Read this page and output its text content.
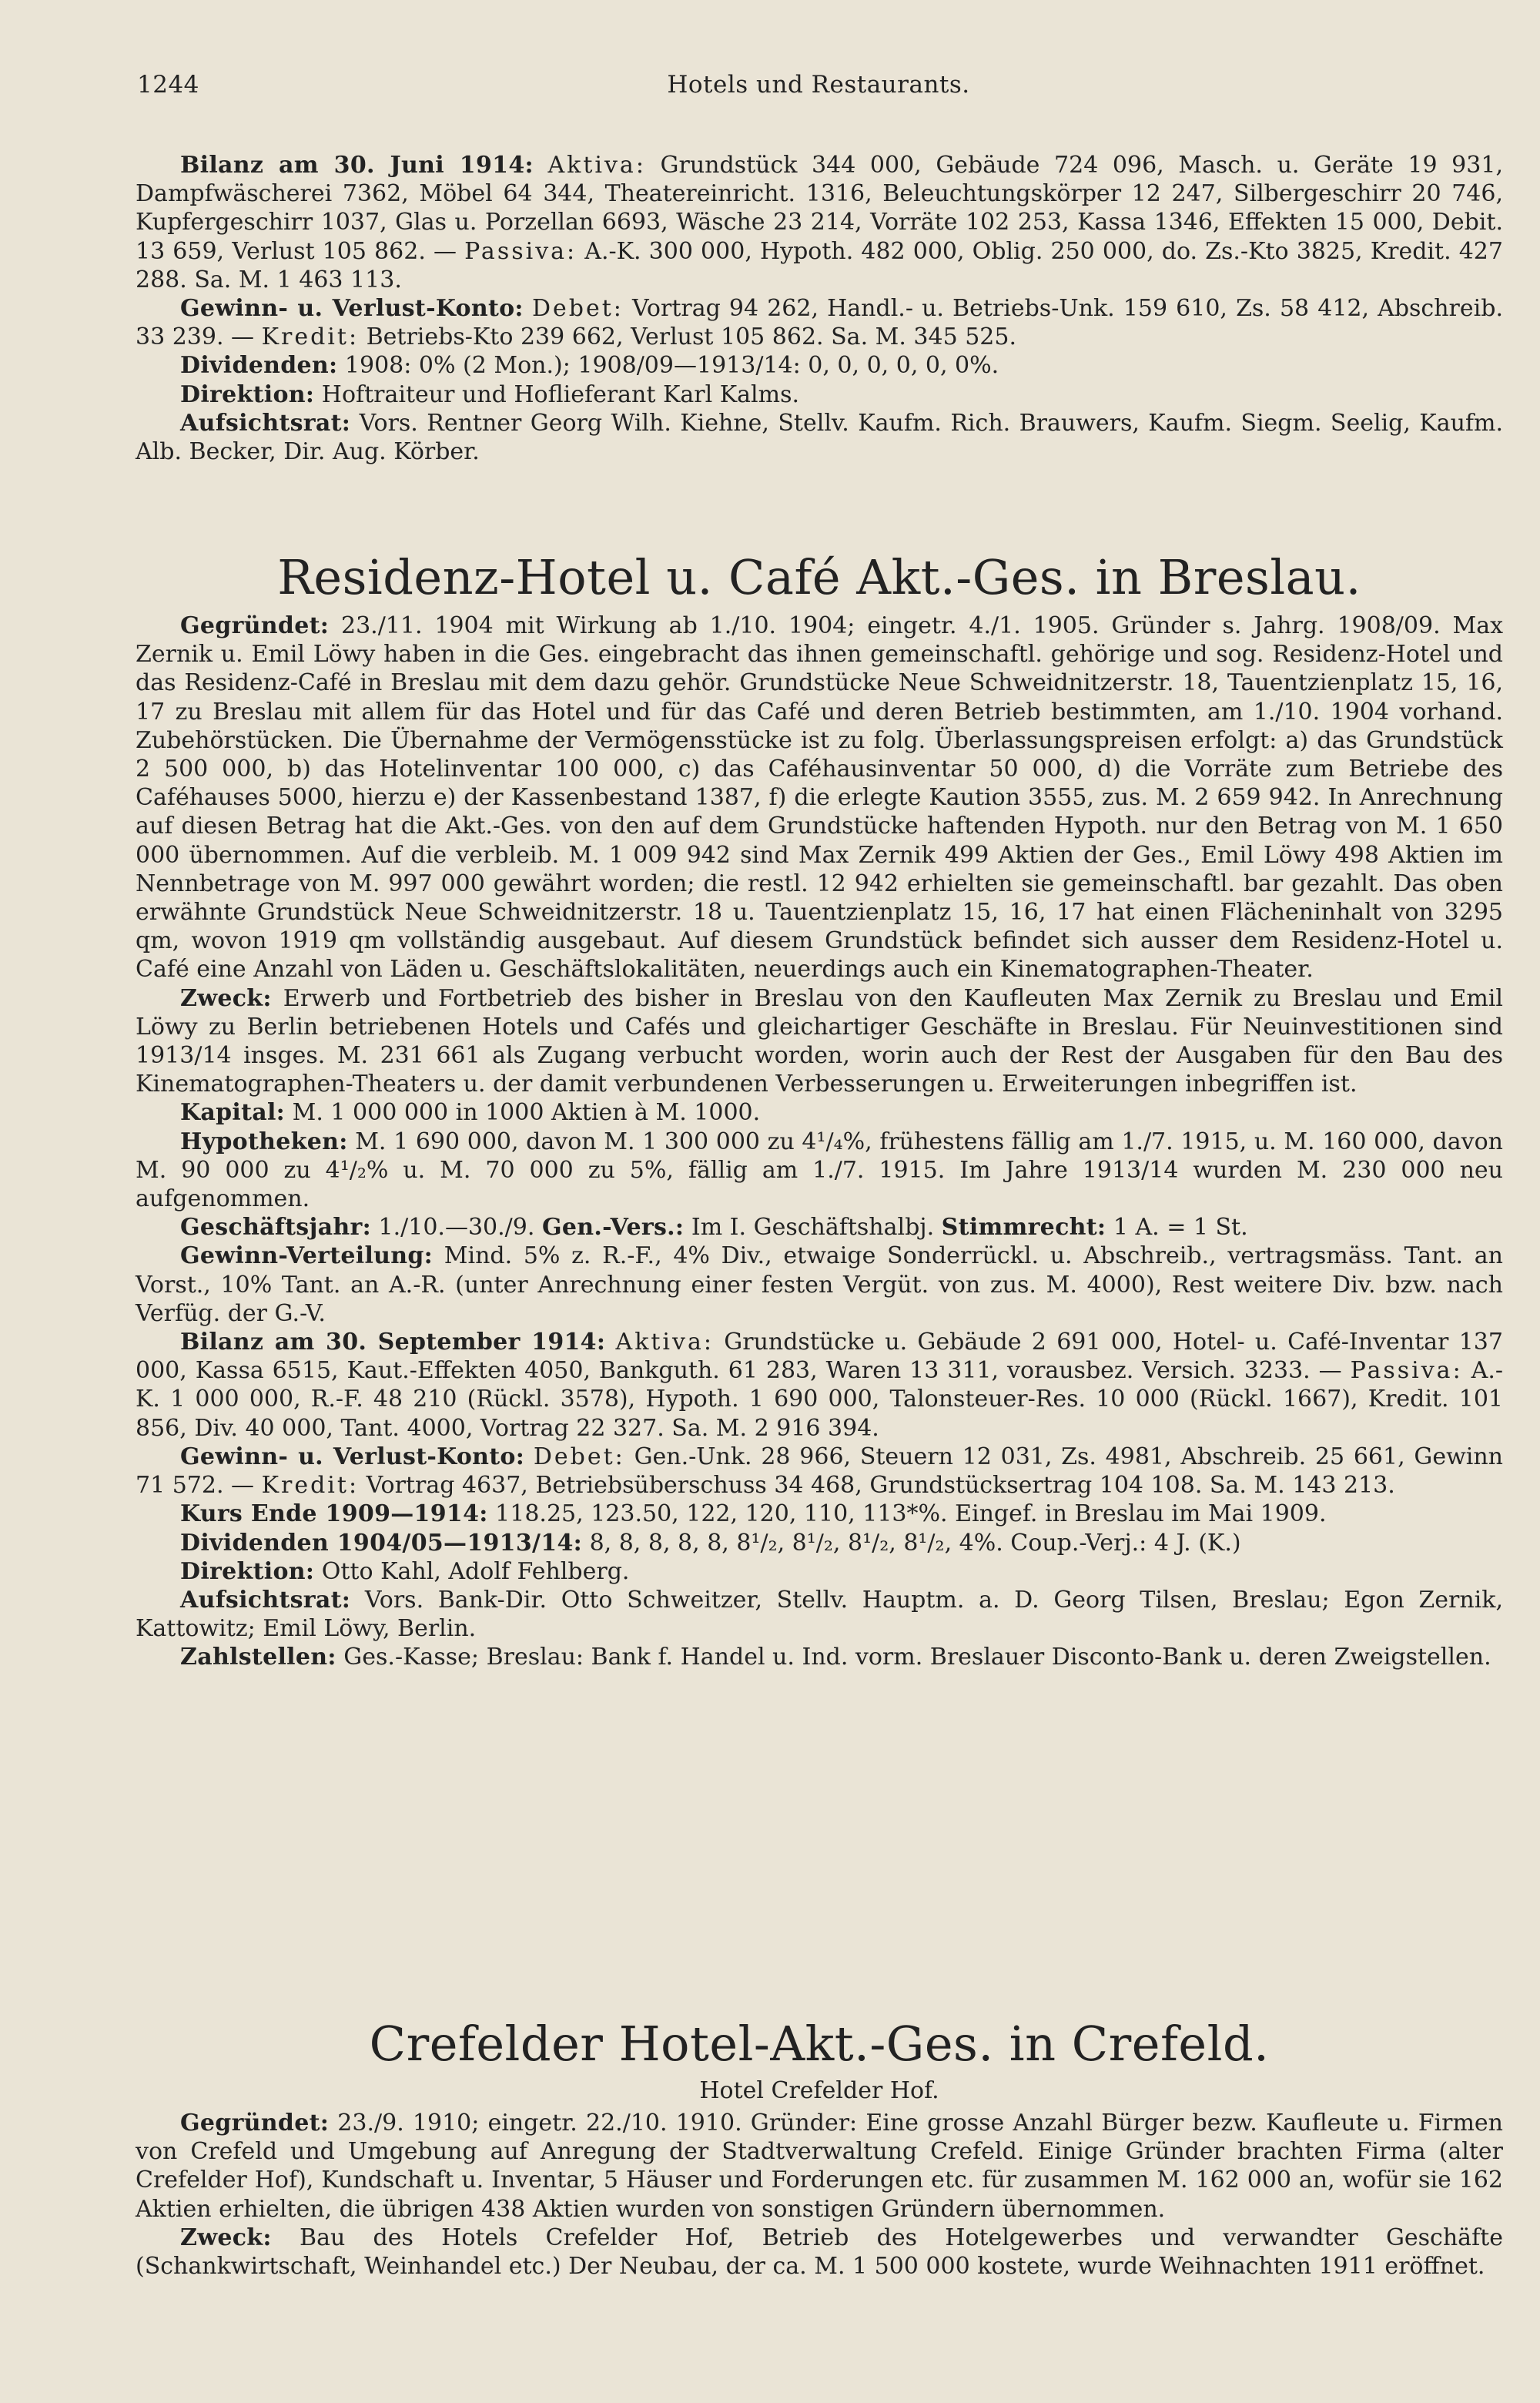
1244	Hotels und Restaurants.

Bilanz am 30. Juni 1914: Aktiva: Grundstück 344 000, Gebäude 724 096, Masch. u. Geräte 19 931, Dampfwäscherei 7362, Möbel 64 344, Theatereinricht. 1316, Beleuchtungskörper 12 247, Silbergeschirr 20 746, Kupfergeschirr 1037, Glas u. Porzellan 6693, Wäsche 23 214, Vorräte 102 253, Kassa 1346, Effekten 15 000, Debit. 13 659, Verlust 105 862. — Passiva: A.-K. 300 000, Hypoth. 482 000, Oblig. 250 000, do. Zs.-Kto 3825, Kredit. 427 288. Sa. M. 1 463 113.

Gewinn- u. Verlust-Konto: Debet: Vortrag 94 262, Handl.- u. Betriebs-Unk. 159 610, Zs. 58 412, Abschreib. 33 239. — Kredit: Betriebs-Kto 239 662, Verlust 105 862. Sa. M. 345 525.

Dividenden: 1908: 0% (2 Mon.); 1908/09—1913/14: 0, 0, 0, 0, 0, 0%.

Direktion: Hoftraiteur und Hoflieferant Karl Kalms.

Aufsichtsrat: Vors. Rentner Georg Wilh. Kiehne, Stellv. Kaufm. Rich. Brauwers, Kaufm. Siegm. Seelig, Kaufm. Alb. Becker, Dir. Aug. Körber.

Residenz-Hotel u. Café Akt.-Ges. in Breslau.

Gegründet: 23./11. 1904 mit Wirkung ab 1./10. 1904; eingetr. 4./1. 1905. Gründer s. Jahrg. 1908/09. Max Zernik u. Emil Löwy haben in die Ges. eingebracht das ihnen gemeinschaftl. gehörige und sog. Residenz-Hotel und das Residenz-Café in Breslau mit dem dazu gehör. Grundstücke Neue Schweidnitzerstr. 18, Tauentzienplatz 15, 16, 17 zu Breslau mit allem für das Hotel und für das Café und deren Betrieb bestimmten, am 1./10. 1904 vorhand. Zubehörstücken. Die Übernahme der Vermögensstücke ist zu folg. Überlassungspreisen erfolgt: a) das Grundstück 2 500 000, b) das Hotelinventar 100 000, c) das Caféhausinventar 50 000, d) die Vorräte zum Betriebe des Caféhauses 5000, hierzu e) der Kassenbestand 1387, f) die erlegte Kaution 3555, zus. M. 2 659 942. In Anrechnung auf diesen Betrag hat die Akt.-Ges. von den auf dem Grundstücke haftenden Hypoth. nur den Betrag von M. 1 650 000 übernommen. Auf die verbleib. M. 1 009 942 sind Max Zernik 499 Aktien der Ges., Emil Löwy 498 Aktien im Nennbetrage von M. 997 000 gewährt worden; die restl. 12 942 erhielten sie gemeinschaftl. bar gezahlt. Das oben erwähnte Grundstück Neue Schweidnitzerstr. 18 u. Tauentzienplatz 15, 16, 17 hat einen Flächeninhalt von 3295 qm, wovon 1919 qm vollständig ausgebaut. Auf diesem Grundstück befindet sich ausser dem Residenz-Hotel u. Café eine Anzahl von Läden u. Geschäftslokalitäten, neuerdings auch ein Kinematographen-Theater.

Zweck: Erwerb und Fortbetrieb des bisher in Breslau von den Kaufleuten Max Zernik zu Breslau und Emil Löwy zu Berlin betriebenen Hotels und Cafés und gleichartiger Geschäfte in Breslau. Für Neuinvestitionen sind 1913/14 insges. M. 231 661 als Zugang verbucht worden, worin auch der Rest der Ausgaben für den Bau des Kinematographen-Theaters u. der damit verbundenen Verbesserungen u. Erweiterungen inbegriffen ist.

Kapital: M. 1 000 000 in 1000 Aktien à M. 1000.

Hypotheken: M. 1 690 000, davon M. 1 300 000 zu 4¹/₄%, frühestens fällig am 1./7. 1915, u. M. 160 000, davon M. 90 000 zu 4¹/₂% u. M. 70 000 zu 5%, fällig am 1./7. 1915. Im Jahre 1913/14 wurden M. 230 000 neu aufgenommen.

Geschäftsjahr: 1./10.—30./9. Gen.-Vers.: Im I. Geschäftshalbj. Stimmrecht: 1 A. = 1 St.

Gewinn-Verteilung: Mind. 5% z. R.-F., 4% Div., etwaige Sonderrückl. u. Abschreib., vertragsmäss. Tant. an Vorst., 10% Tant. an A.-R. (unter Anrechnung einer festen Vergüt. von zus. M. 4000), Rest weitere Div. bzw. nach Verfüg. der G.-V.

Bilanz am 30. September 1914: Aktiva: Grundstücke u. Gebäude 2 691 000, Hotel- u. Café-Inventar 137 000, Kassa 6515, Kaut.-Effekten 4050, Bankguth. 61 283, Waren 13 311, vorausbez. Versich. 3233. — Passiva: A.-K. 1 000 000, R.-F. 48 210 (Rückl. 3578), Hypoth. 1 690 000, Talonsteuer-Res. 10 000 (Rückl. 1667), Kredit. 101 856, Div. 40 000, Tant. 4000, Vortrag 22 327. Sa. M. 2 916 394.

Gewinn- u. Verlust-Konto: Debet: Gen.-Unk. 28 966, Steuern 12 031, Zs. 4981, Abschreib. 25 661, Gewinn 71 572. — Kredit: Vortrag 4637, Betriebsüberschuss 34 468, Grundstücksertrag 104 108. Sa. M. 143 213.

Kurs Ende 1909—1914: 118.25, 123.50, 122, 120, 110, 113*%. Eingef. in Breslau im Mai 1909.

Dividenden 1904/05—1913/14: 8, 8, 8, 8, 8, 8¹/₂, 8¹/₂, 8¹/₂, 8¹/₂, 4%. Coup.-Verj.: 4 J. (K.)

Direktion: Otto Kahl, Adolf Fehlberg.

Aufsichtsrat: Vors. Bank-Dir. Otto Schweitzer, Stellv. Hauptm. a. D. Georg Tilsen, Breslau; Egon Zernik, Kattowitz; Emil Löwy, Berlin.

Zahlstellen: Ges.-Kasse; Breslau: Bank f. Handel u. Ind. vorm. Breslauer Disconto-Bank u. deren Zweigstellen.

Crefelder Hotel-Akt.-Ges. in Crefeld.
Hotel Crefelder Hof.

Gegründet: 23./9. 1910; eingetr. 22./10. 1910. Gründer: Eine grosse Anzahl Bürger bezw. Kaufleute u. Firmen von Crefeld und Umgebung auf Anregung der Stadtverwaltung Crefeld. Einige Gründer brachten Firma (alter Crefelder Hof), Kundschaft u. Inventar, 5 Häuser und Forderungen etc. für zusammen M. 162 000 an, wofür sie 162 Aktien erhielten, die übrigen 438 Aktien wurden von sonstigen Gründern übernommen.

Zweck: Bau des Hotels Crefelder Hof, Betrieb des Hotelgewerbes und verwandter Geschäfte (Schankwirtschaft, Weinhandel etc.) Der Neubau, der ca. M. 1 500 000 kostete, wurde Weihnachten 1911 eröffnet.
